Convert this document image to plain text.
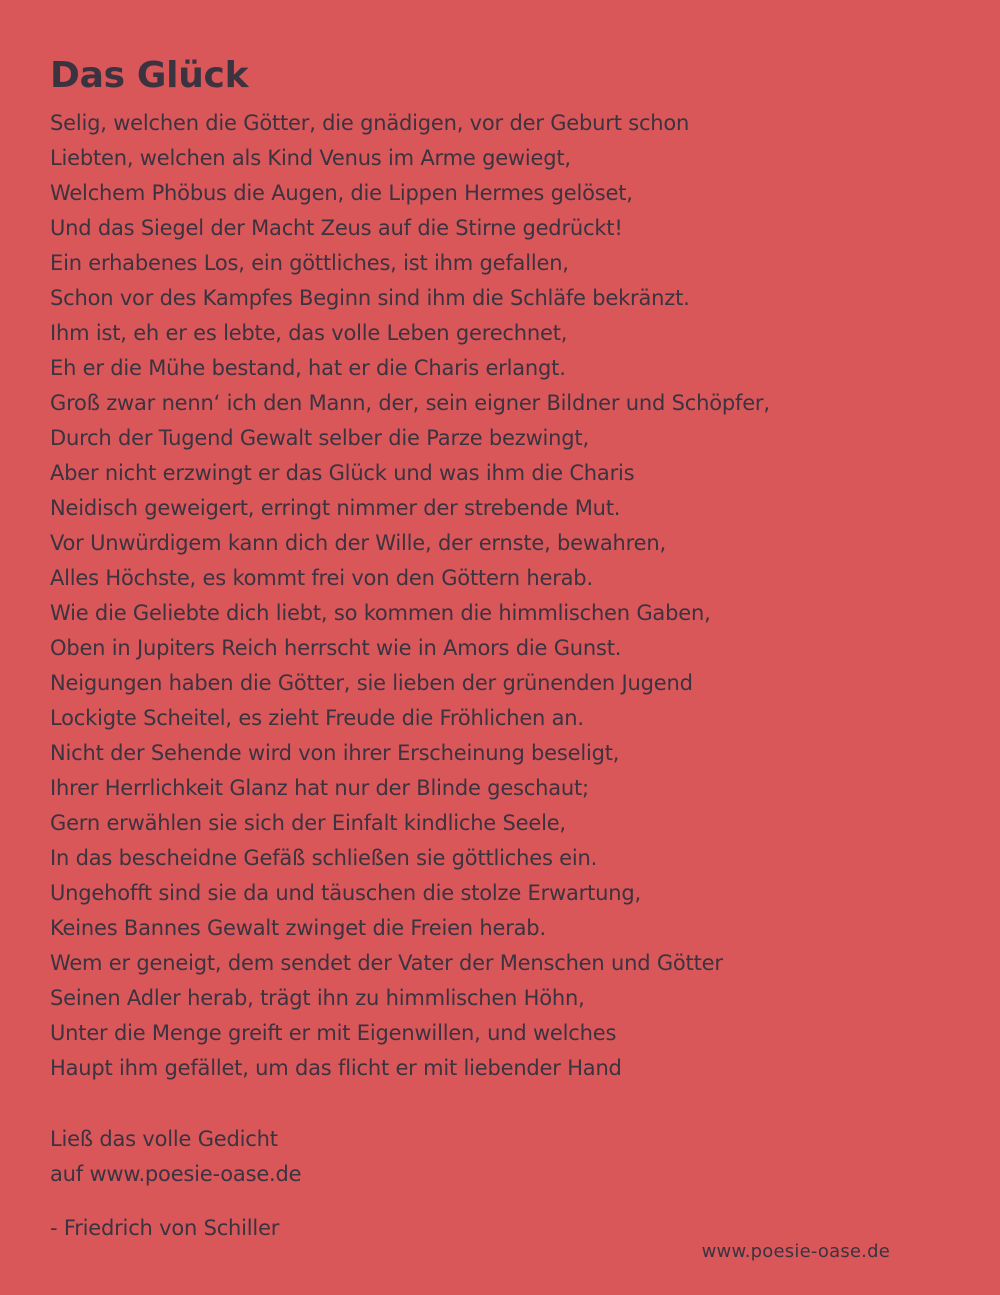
Das Glück
Selig, welchen die Götter, die gnädigen, vor der Geburt schon
Liebten, welchen als Kind Venus im Arme gewiegt,
Welchem Phöbus die Augen, die Lippen Hermes gelöset,
Und das Siegel der Macht Zeus auf die Stirne gedrückt!
Ein erhabenes Los, ein göttliches, ist ihm gefallen,
Schon vor des Kampfes Beginn sind ihm die Schläfe bekränzt.
Ihm ist, eh er es lebte, das volle Leben gerechnet,
Eh er die Mühe bestand, hat er die Charis erlangt.
Groß zwar nenn‘ ich den Mann, der, sein eigner Bildner und Schöpfer,
Durch der Tugend Gewalt selber die Parze bezwingt,
Aber nicht erzwingt er das Glück und was ihm die Charis
Neidisch geweigert, erringt nimmer der strebende Mut.
Vor Unwürdigem kann dich der Wille, der ernste, bewahren,
Alles Höchste, es kommt frei von den Göttern herab.
Wie die Geliebte dich liebt, so kommen die himmlischen Gaben,
Oben in Jupiters Reich herrscht wie in Amors die Gunst.
Neigungen haben die Götter, sie lieben der grünenden Jugend
Lockigte Scheitel, es zieht Freude die Fröhlichen an.
Nicht der Sehende wird von ihrer Erscheinung beseligt,
Ihrer Herrlichkeit Glanz hat nur der Blinde geschaut;
Gern erwählen sie sich der Einfalt kindliche Seele,
In das bescheidne Gefäß schließen sie göttliches ein.
Ungehofft sind sie da und täuschen die stolze Erwartung,
Keines Bannes Gewalt zwinget die Freien herab.
Wem er geneigt, dem sendet der Vater der Menschen und Götter
Seinen Adler herab, trägt ihn zu himmlischen Höhn,
Unter die Menge greift er mit Eigenwillen, und welches
Haupt ihm gefället, um das flicht er mit liebender Hand
Ließ das volle Gedicht
auf www.poesie-oase.de
- Friedrich von Schiller
www.poesie-oase.de
